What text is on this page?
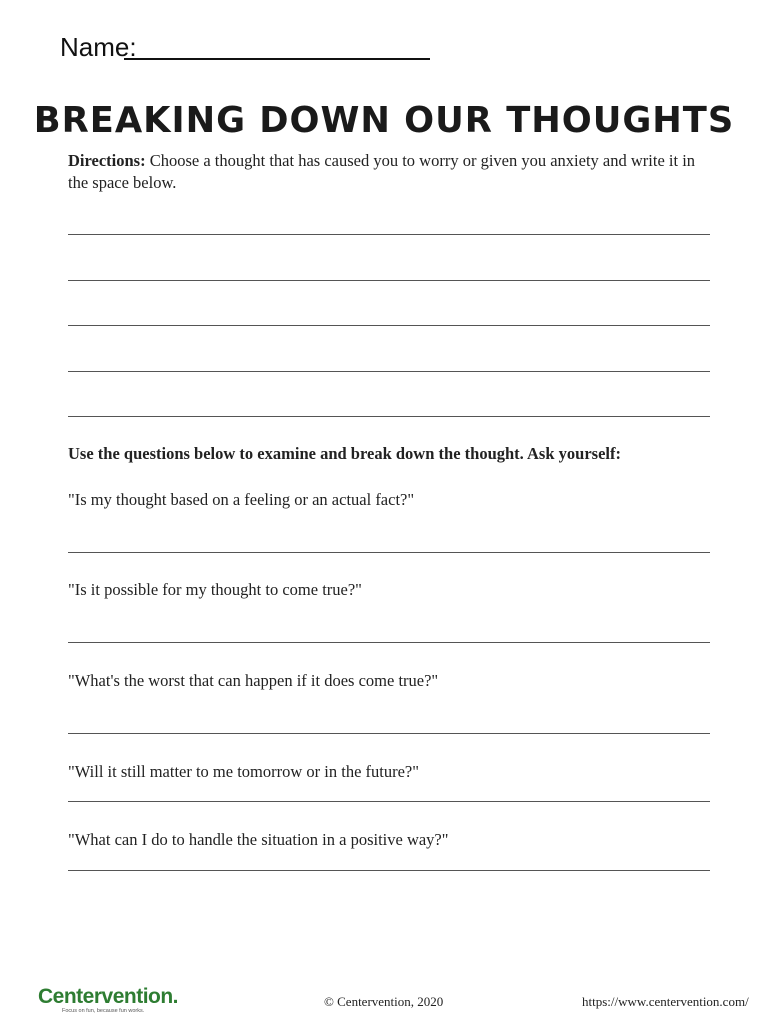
Name:
BREAKING DOWN OUR THOUGHTS
Directions: Choose a thought that has caused you to worry or given you anxiety and write it in the space below.
Use the questions below to examine and break down the thought. Ask yourself:
"Is my thought based on a feeling or an actual fact?"
"Is it possible for my thought to come true?"
"What's the worst that can happen if it does come true?"
"Will it still matter to me tomorrow or in the future?"
"What can I do to handle the situation in a positive way?"
Centervention.
Focus on fun, because fun works.
© Centervention, 2020	https://www.centervention.com/
